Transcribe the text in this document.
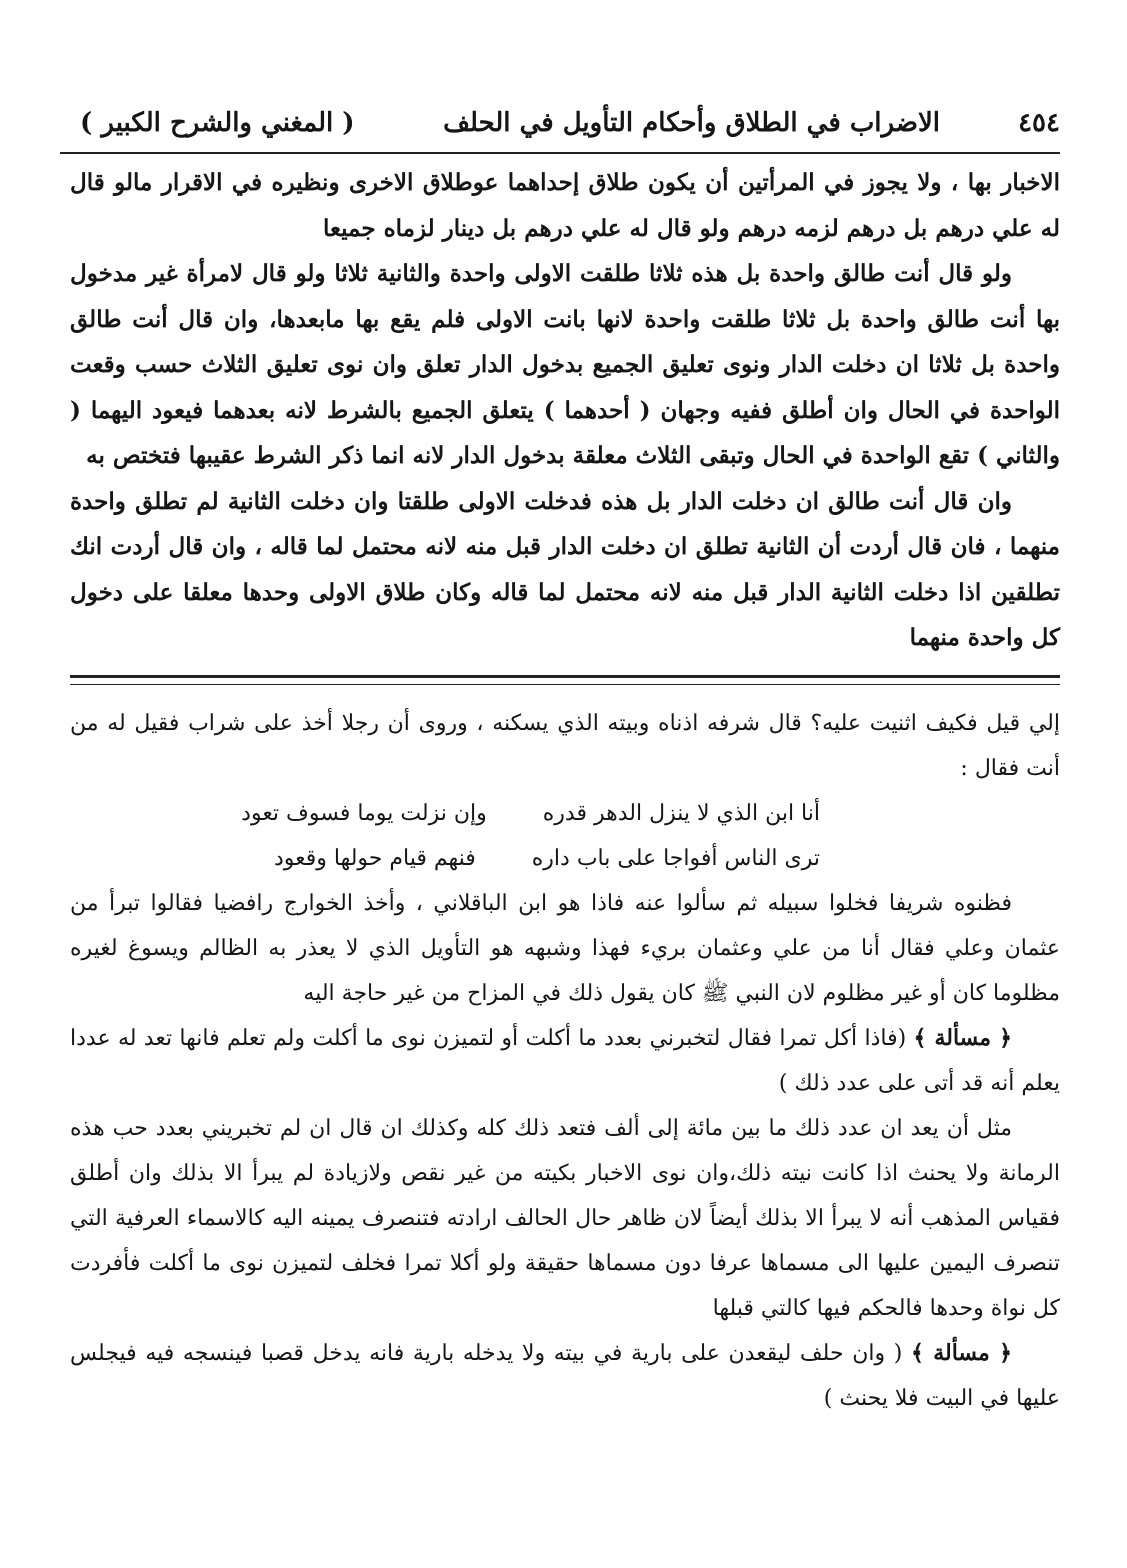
٤٥٤
الاضراب في الطلاق وأحكام التأويل في الحلف
( المغني والشرح الكبير )

الاخبار بها ، ولا يجوز في المرأتين أن يكون طلاق إحداهما عوطلاق الاخرى ونظيره في الاقرار مالو قال له علي درهم بل درهم لزمه درهم ولو قال له علي درهم بل دينار لزماه جميعا

ولو قال أنت طالق واحدة بل هذه ثلاثا طلقت الاولى واحدة والثانية ثلاثا ولو قال لامرأة غير مدخول بها أنت طالق واحدة بل ثلاثا طلقت واحدة لانها بانت الاولى فلم يقع بها مابعدها، وان قال أنت طالق واحدة بل ثلاثا ان دخلت الدار ونوى تعليق الجميع بدخول الدار تعلق وان نوى تعليق الثلاث حسب وقعت الواحدة في الحال وان أطلق ففيه وجهان ( أحدهما ) يتعلق الجميع بالشرط لانه بعدهما فيعود اليهما ( والثاني ) تقع الواحدة في الحال وتبقى الثلاث معلقة بدخول الدار لانه انما ذكر الشرط عقيبها فتختص به

وان قال أنت طالق ان دخلت الدار بل هذه فدخلت الاولى طلقتا وان دخلت الثانية لم تطلق واحدة منهما ، فان قال أردت أن الثانية تطلق ان دخلت الدار قبل منه لانه محتمل لما قاله ، وان قال أردت انك تطلقين اذا دخلت الثانية الدار قبل منه لانه محتمل لما قاله وكان طلاق الاولى وحدها معلقا على دخول كل واحدة منهما

إلي قيل فكيف اثنيت عليه؟ قال شرفه اذناه وبيته الذي يسكنه ، وروى أن رجلا أخذ على شراب فقيل له من أنت فقال :

أنا ابن الذي لا ينزل الدهر قدره
وإن نزلت يوما فسوف تعود
ترى الناس أفواجا على باب داره
فنهم قيام حولها وقعود

فظنوه شريفا فخلوا سبيله ثم سألوا عنه فاذا هو ابن الباقلاني ، وأخذ الخوارج رافضيا فقالوا تبرأ من عثمان وعلي فقال أنا من علي وعثمان بريء فهذا وشبهه هو التأويل الذي لا يعذر به الظالم ويسوغ لغيره مظلوما كان أو غير مظلوم لان النبي ﷺ كان يقول ذلك في المزاح من غير حاجة اليه

﴿ مسألة ﴾ (فاذا أكل تمرا فقال لتخبرني بعدد ما أكلت أو لتميزن نوى ما أكلت ولم تعلم فانها تعد له عددا يعلم أنه قد أتى على عدد ذلك )

مثل أن يعد ان عدد ذلك ما بين مائة إلى ألف فتعد ذلك كله وكذلك ان قال ان لم تخبريني بعدد حب هذه الرمانة ولا يحنث اذا كانت نيته ذلك،وان نوى الاخبار بكيته من غير نقص ولازيادة لم يبرأ الا بذلك وان أطلق فقياس المذهب أنه لا يبرأ الا بذلك أيضاً لان ظاهر حال الحالف ارادته فتنصرف يمينه اليه كالاسماء العرفية التي تنصرف اليمين عليها الى مسماها عرفا دون مسماها حقيقة ولو أكلا تمرا فخلف لتميزن نوى ما أكلت فأفردت كل نواة وحدها فالحكم فيها كالتي قبلها

﴿ مسألة ﴾ ( وان حلف ليقعدن على بارية في بيته ولا يدخله بارية فانه يدخل قصبا فينسجه فيه فيجلس عليها في البيت فلا يحنث )
